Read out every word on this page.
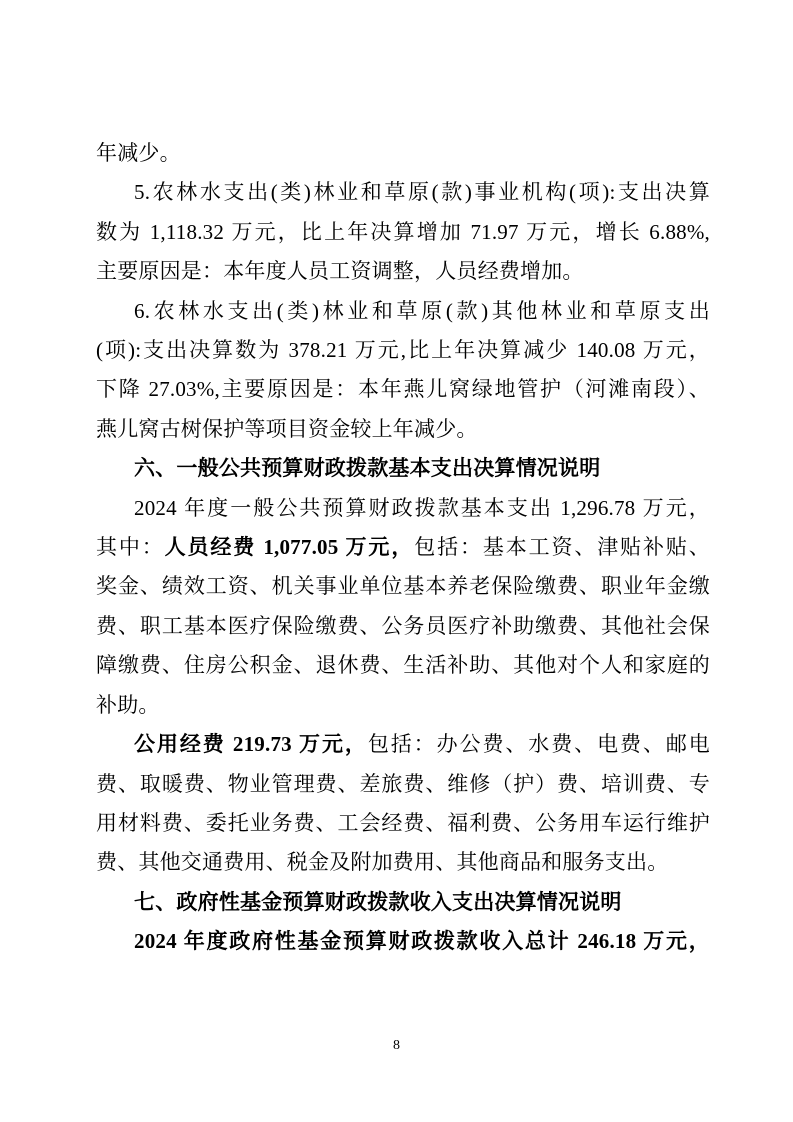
年减少。
5.农林水支出(类)林业和草原(款)事业机构(项):支出决算
数为 1,118.32 万元，比上年决算增加 71.97 万元，增长 6.88%,
主要原因是：本年度人员工资调整，人员经费增加。
6.农林水支出(类)林业和草原(款)其他林业和草原支出
(项):支出决算数为 378.21 万元,比上年决算减少 140.08 万元，
下降 27.03%,主要原因是：本年燕儿窝绿地管护（河滩南段）、
燕儿窝古树保护等项目资金较上年减少。
六、一般公共预算财政拨款基本支出决算情况说明
2024 年度一般公共预算财政拨款基本支出 1,296.78 万元，
其中：人员经费 1,077.05 万元，包括：基本工资、津贴补贴、
奖金、绩效工资、机关事业单位基本养老保险缴费、职业年金缴
费、职工基本医疗保险缴费、公务员医疗补助缴费、其他社会保
障缴费、住房公积金、退休费、生活补助、其他对个人和家庭的
补助。
公用经费 219.73 万元，包括：办公费、水费、电费、邮电
费、取暖费、物业管理费、差旅费、维修（护）费、培训费、专
用材料费、委托业务费、工会经费、福利费、公务用车运行维护
费、其他交通费用、税金及附加费用、其他商品和服务支出。
七、政府性基金预算财政拨款收入支出决算情况说明
2024 年度政府性基金预算财政拨款收入总计 246.18 万元，
8
